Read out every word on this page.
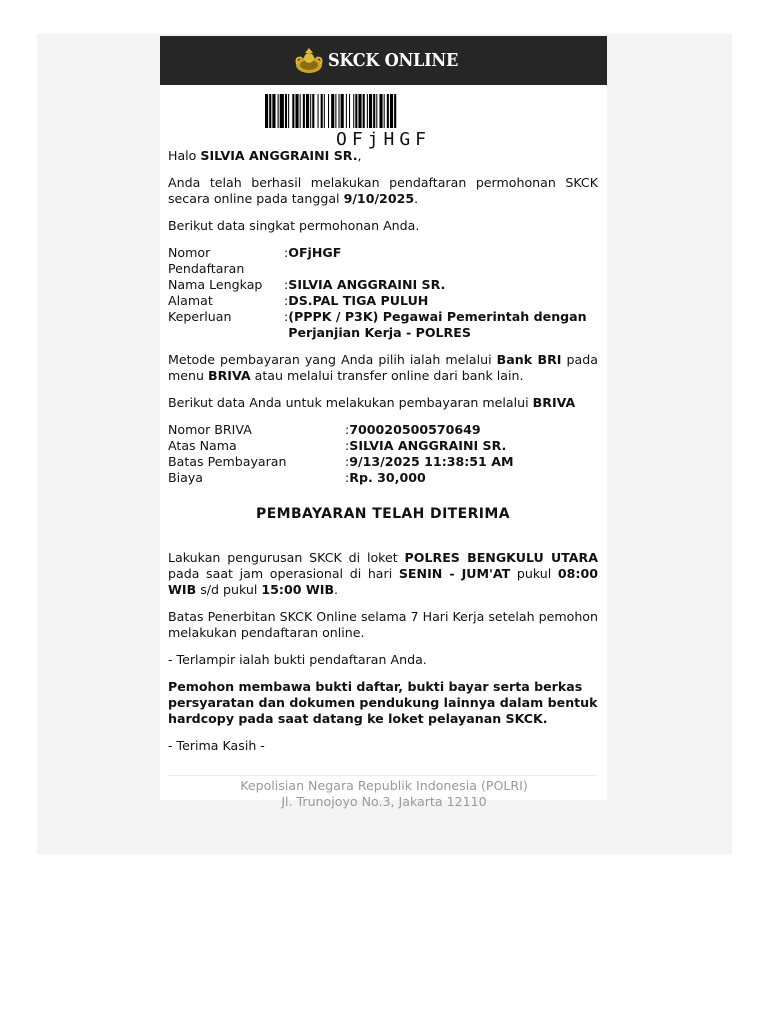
SKCK ONLINE
OFjHGF

Halo SILVIA ANGGRAINI SR.,

Anda telah berhasil melakukan pendaftaran permohonan SKCK secara online pada tanggal 9/10/2025.

Berikut data singkat permohonan Anda.

Nomor Pendaftaran
: OFjHGF
Nama Lengkap	: SILVIA ANGGRAINI SR.
Alamat	: DS.PAL TIGA PULUH
Keperluan	: (PPPK / P3K) Pegawai Pemerintah dengan Perjanjian Kerja - POLRES

Metode pembayaran yang Anda pilih ialah melalui Bank BRI pada menu BRIVA atau melalui transfer online dari bank lain.

Berikut data Anda untuk melakukan pembayaran melalui BRIVA

Nomor BRIVA	: 700020500570649
Atas Nama	: SILVIA ANGGRAINI SR.
Batas Pembayaran	: 9/13/2025 11:38:51 AM
Biaya	: Rp. 30,000
PEMBAYARAN TELAH DITERIMA

Lakukan pengurusan SKCK di loket POLRES BENGKULU UTARA pada saat jam operasional di hari SENIN - JUM'AT pukul 08:00 WIB s/d pukul 15:00 WIB.

Batas Penerbitan SKCK Online selama 7 Hari Kerja setelah pemohon melakukan pendaftaran online.

- Terlampir ialah bukti pendaftaran Anda.

Pemohon membawa bukti daftar, bukti bayar serta berkas persyaratan dan dokumen pendukung lainnya dalam bentuk hardcopy pada saat datang ke loket pelayanan SKCK.

- Terima Kasih -

Kepolisian Negara Republik Indonesia (POLRI)
Jl. Trunojoyo No.3, Jakarta 12110
